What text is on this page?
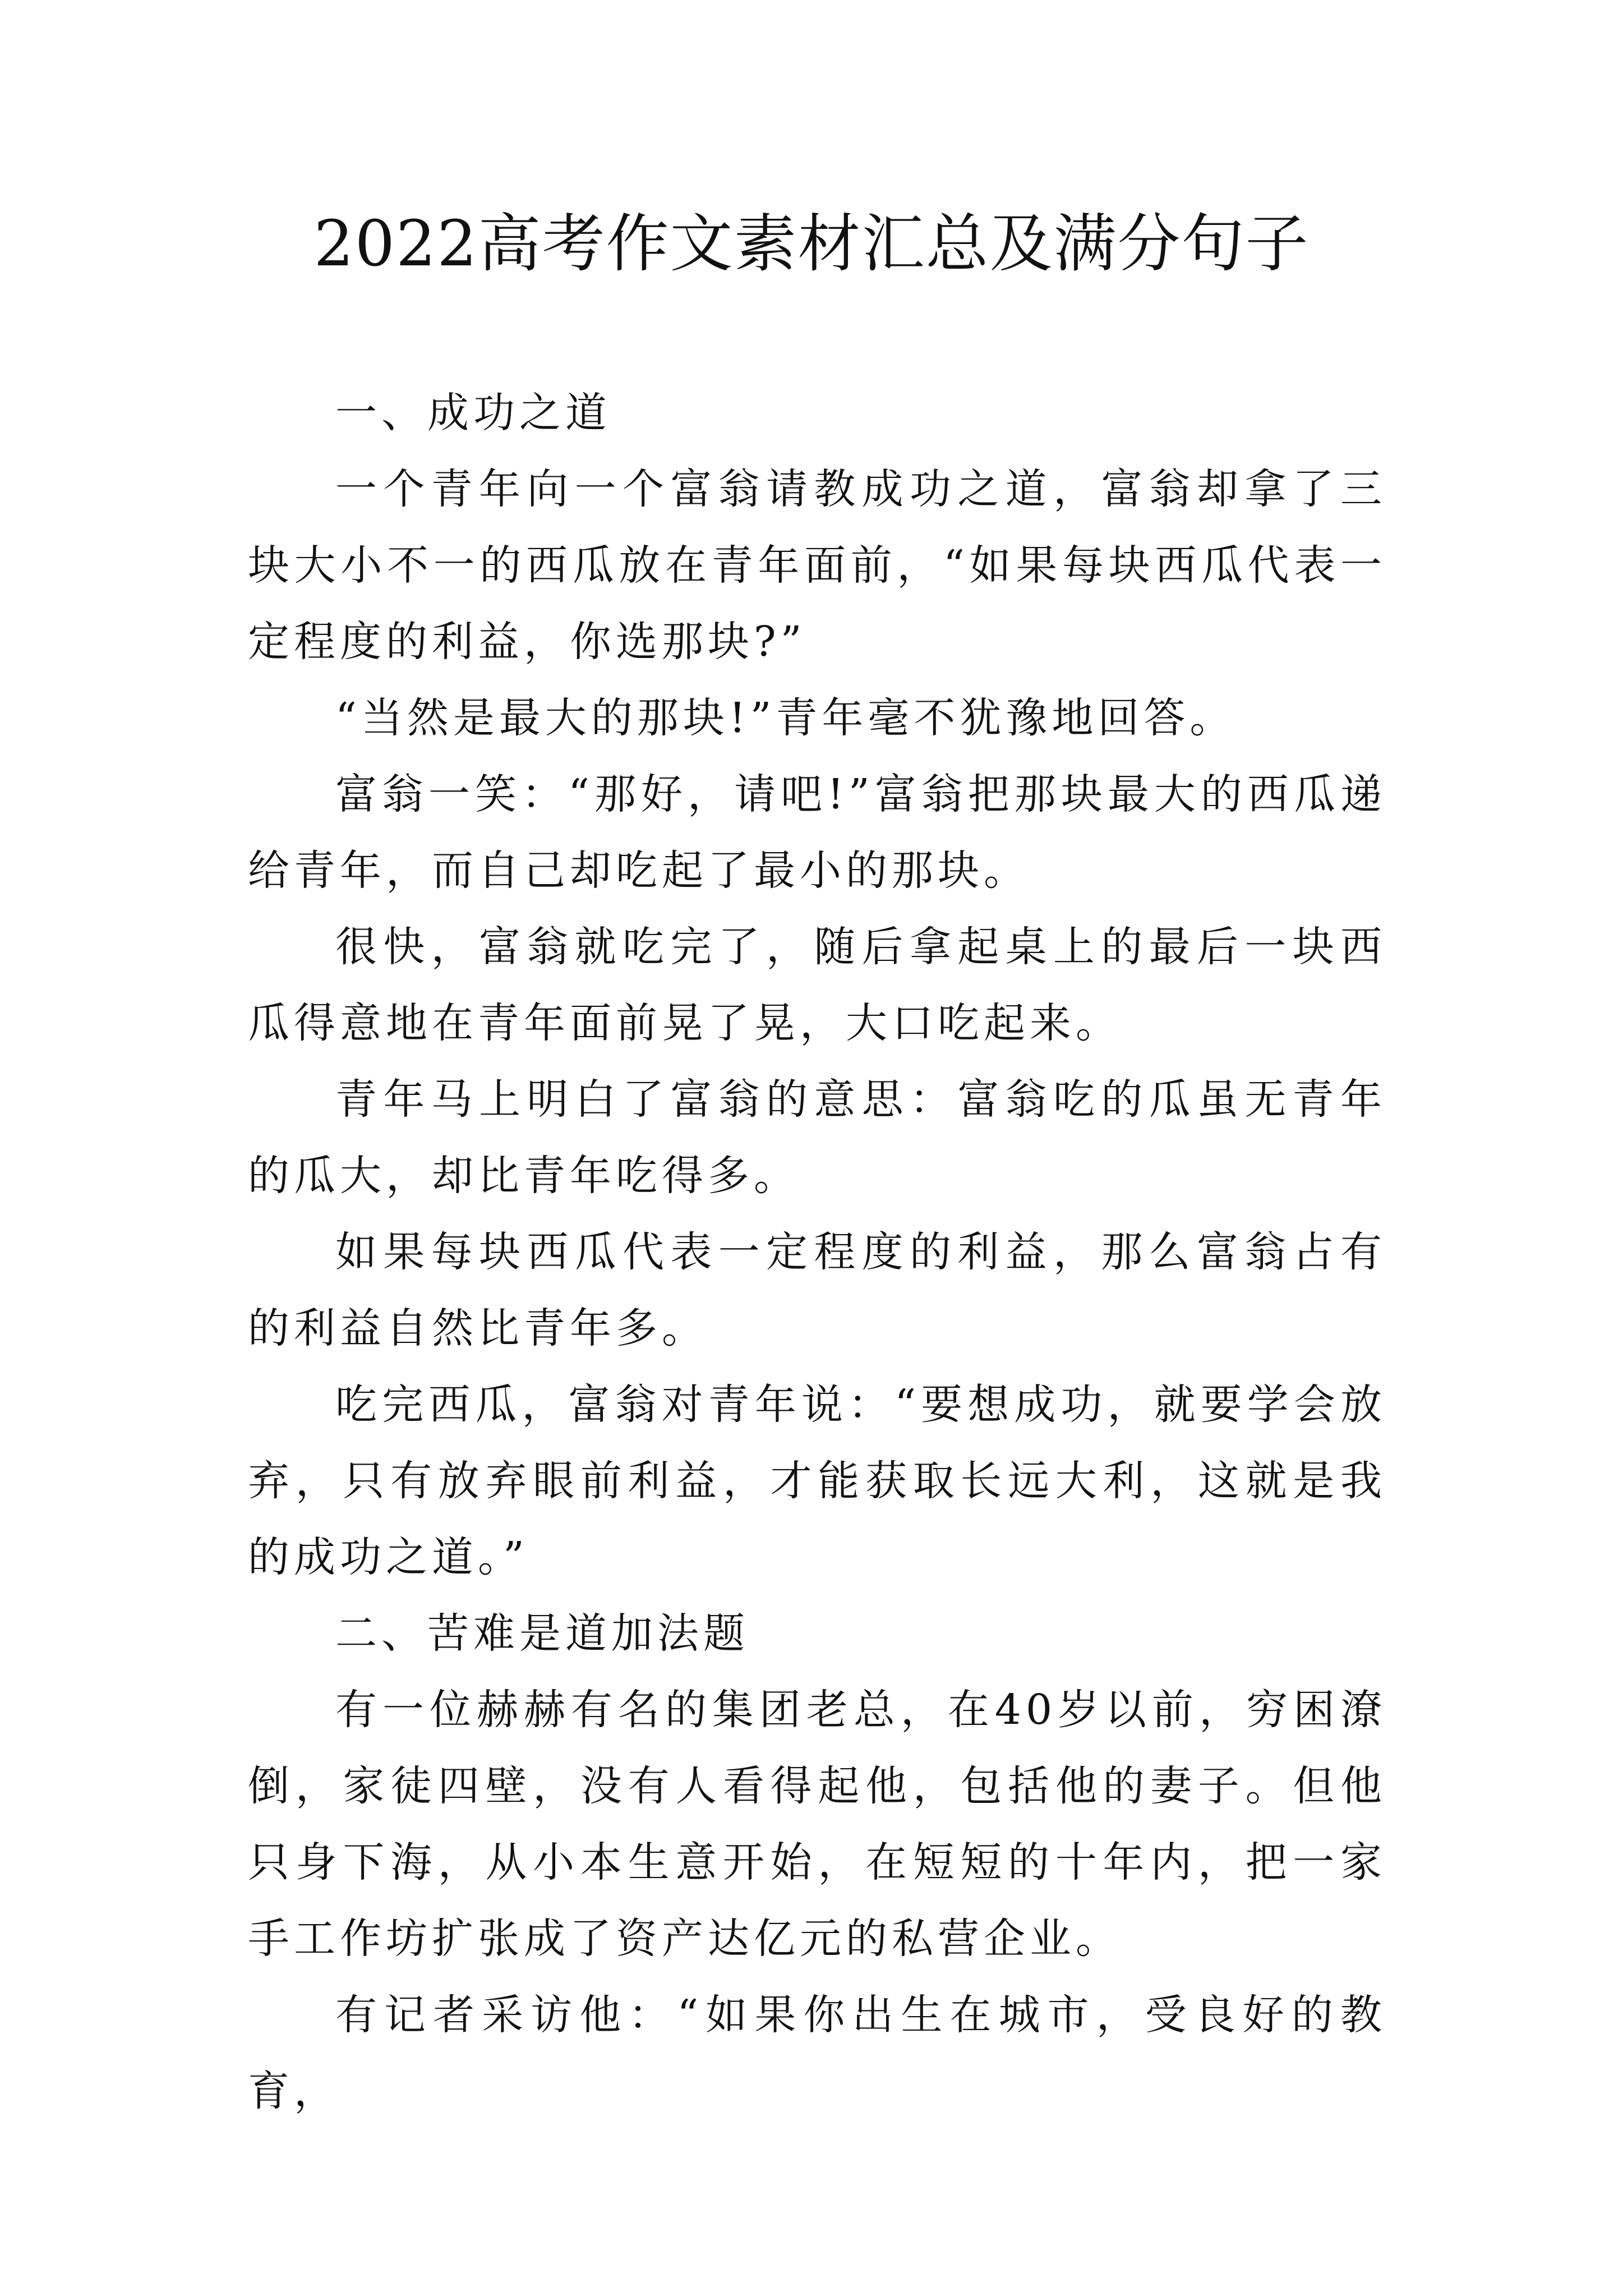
2022高考作文素材汇总及满分句子

一、成功之道

一个青年向一个富翁请教成功之道，富翁却拿了三块大小不一的西瓜放在青年面前，“如果每块西瓜代表一定程度的利益，你选那块?”

“当然是最大的那块!”青年毫不犹豫地回答。

富翁一笑：“那好，请吧!”富翁把那块最大的西瓜递给青年，而自己却吃起了最小的那块。

很快，富翁就吃完了，随后拿起桌上的最后一块西瓜得意地在青年面前晃了晃，大口吃起来。

青年马上明白了富翁的意思：富翁吃的瓜虽无青年的瓜大，却比青年吃得多。

如果每块西瓜代表一定程度的利益，那么富翁占有的利益自然比青年多。

吃完西瓜，富翁对青年说：“要想成功，就要学会放弃，只有放弃眼前利益，才能获取长远大利，这就是我的成功之道。”

二、苦难是道加法题

有一位赫赫有名的集团老总，在40岁以前，穷困潦倒，家徒四壁，没有人看得起他，包括他的妻子。但他只身下海，从小本生意开始，在短短的十年内，把一家手工作坊扩张成了资产达亿元的私营企业。

有记者采访他：“如果你出生在城市，受良好的教育，
